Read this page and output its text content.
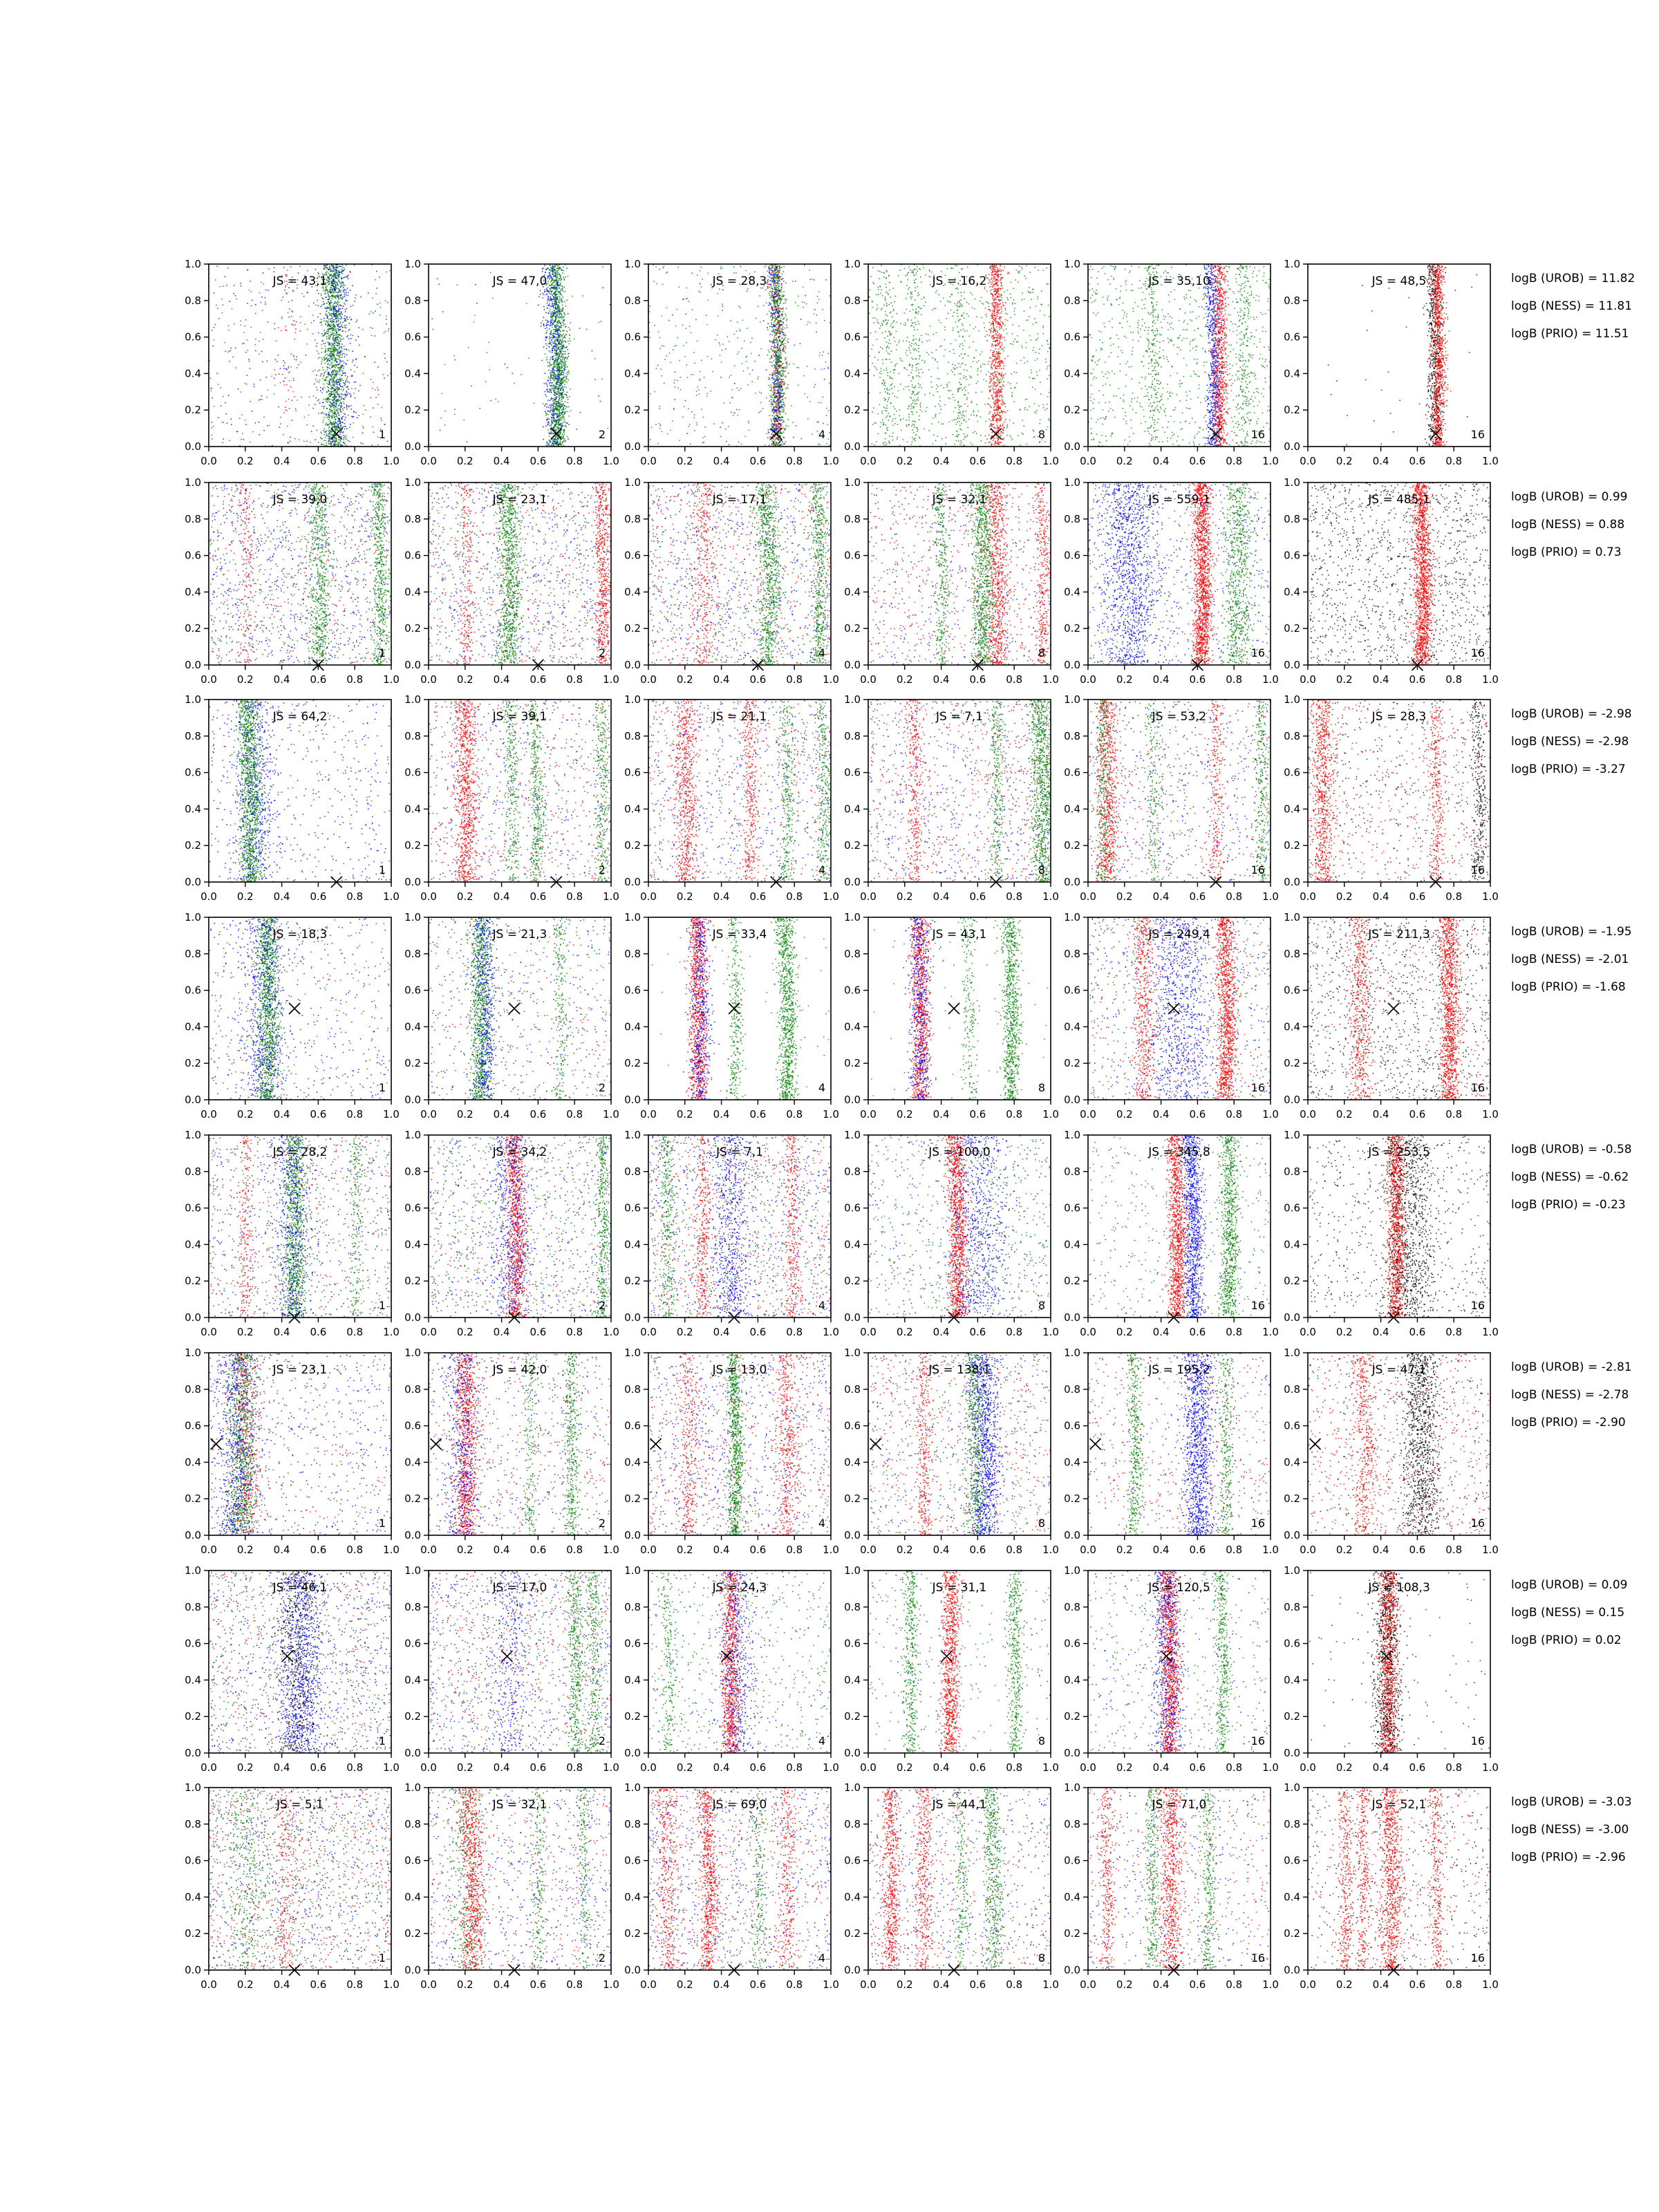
0.0
0.0
0.2
0.2
0.4
0.4
0.6
0.6
0.8
0.8
1.0
1.0
JS = 43,1
1
0.0
0.0
0.2
0.2
0.4
0.4
0.6
0.6
0.8
0.8
1.0
1.0
JS = 47,0
2
0.0
0.0
0.2
0.2
0.4
0.4
0.6
0.6
0.8
0.8
1.0
1.0
JS = 28,3
4
0.0
0.0
0.2
0.2
0.4
0.4
0.6
0.6
0.8
0.8
1.0
1.0
JS = 16,2
8
0.0
0.0
0.2
0.2
0.4
0.4
0.6
0.6
0.8
0.8
1.0
1.0
JS = 35,10
16
0.0
0.0
0.2
0.2
0.4
0.4
0.6
0.6
0.8
0.8
1.0
1.0
JS = 48,5
16
logB (UROB) = 11.82
logB (NESS) = 11.81
logB (PRIO) = 11.51
0.0
0.0
0.2
0.2
0.4
0.4
0.6
0.6
0.8
0.8
1.0
1.0
JS = 39,0
1
0.0
0.0
0.2
0.2
0.4
0.4
0.6
0.6
0.8
0.8
1.0
1.0
JS = 23,1
2
0.0
0.0
0.2
0.2
0.4
0.4
0.6
0.6
0.8
0.8
1.0
1.0
JS = 17,1
4
0.0
0.0
0.2
0.2
0.4
0.4
0.6
0.6
0.8
0.8
1.0
1.0
JS = 32,1
8
0.0
0.0
0.2
0.2
0.4
0.4
0.6
0.6
0.8
0.8
1.0
1.0
JS = 559,1
16
0.0
0.0
0.2
0.2
0.4
0.4
0.6
0.6
0.8
0.8
1.0
1.0
JS = 485,1
16
logB (UROB) = 0.99
logB (NESS) = 0.88
logB (PRIO) = 0.73
0.0
0.0
0.2
0.2
0.4
0.4
0.6
0.6
0.8
0.8
1.0
1.0
JS = 64,2
1
0.0
0.0
0.2
0.2
0.4
0.4
0.6
0.6
0.8
0.8
1.0
1.0
JS = 39,1
2
0.0
0.0
0.2
0.2
0.4
0.4
0.6
0.6
0.8
0.8
1.0
1.0
JS = 21,1
4
0.0
0.0
0.2
0.2
0.4
0.4
0.6
0.6
0.8
0.8
1.0
1.0
JS = 7,1
8
0.0
0.0
0.2
0.2
0.4
0.4
0.6
0.6
0.8
0.8
1.0
1.0
JS = 53,2
16
0.0
0.0
0.2
0.2
0.4
0.4
0.6
0.6
0.8
0.8
1.0
1.0
JS = 28,3
16
logB (UROB) = -2.98
logB (NESS) = -2.98
logB (PRIO) = -3.27
0.0
0.0
0.2
0.2
0.4
0.4
0.6
0.6
0.8
0.8
1.0
1.0
JS = 18,3
1
0.0
0.0
0.2
0.2
0.4
0.4
0.6
0.6
0.8
0.8
1.0
1.0
JS = 21,3
2
0.0
0.0
0.2
0.2
0.4
0.4
0.6
0.6
0.8
0.8
1.0
1.0
JS = 33,4
4
0.0
0.0
0.2
0.2
0.4
0.4
0.6
0.6
0.8
0.8
1.0
1.0
JS = 43,1
8
0.0
0.0
0.2
0.2
0.4
0.4
0.6
0.6
0.8
0.8
1.0
1.0
JS = 249,4
16
0.0
0.0
0.2
0.2
0.4
0.4
0.6
0.6
0.8
0.8
1.0
1.0
JS = 211,3
16
logB (UROB) = -1.95
logB (NESS) = -2.01
logB (PRIO) = -1.68
0.0
0.0
0.2
0.2
0.4
0.4
0.6
0.6
0.8
0.8
1.0
1.0
JS = 28,2
1
0.0
0.0
0.2
0.2
0.4
0.4
0.6
0.6
0.8
0.8
1.0
1.0
JS = 34,2
2
0.0
0.0
0.2
0.2
0.4
0.4
0.6
0.6
0.8
0.8
1.0
1.0
JS = 7,1
4
0.0
0.0
0.2
0.2
0.4
0.4
0.6
0.6
0.8
0.8
1.0
1.0
JS = 100,0
8
0.0
0.0
0.2
0.2
0.4
0.4
0.6
0.6
0.8
0.8
1.0
1.0
JS = 345,8
16
0.0
0.0
0.2
0.2
0.4
0.4
0.6
0.6
0.8
0.8
1.0
1.0
JS = 253,5
16
logB (UROB) = -0.58
logB (NESS) = -0.62
logB (PRIO) = -0.23
0.0
0.0
0.2
0.2
0.4
0.4
0.6
0.6
0.8
0.8
1.0
1.0
JS = 23,1
1
0.0
0.0
0.2
0.2
0.4
0.4
0.6
0.6
0.8
0.8
1.0
1.0
JS = 42,0
2
0.0
0.0
0.2
0.2
0.4
0.4
0.6
0.6
0.8
0.8
1.0
1.0
JS = 13,0
4
0.0
0.0
0.2
0.2
0.4
0.4
0.6
0.6
0.8
0.8
1.0
1.0
JS = 138,1
8
0.0
0.0
0.2
0.2
0.4
0.4
0.6
0.6
0.8
0.8
1.0
1.0
JS = 195,2
16
0.0
0.0
0.2
0.2
0.4
0.4
0.6
0.6
0.8
0.8
1.0
1.0
JS = 47,1
16
logB (UROB) = -2.81
logB (NESS) = -2.78
logB (PRIO) = -2.90
0.0
0.0
0.2
0.2
0.4
0.4
0.6
0.6
0.8
0.8
1.0
1.0
JS = 46,1
1
0.0
0.0
0.2
0.2
0.4
0.4
0.6
0.6
0.8
0.8
1.0
1.0
JS = 17,0
2
0.0
0.0
0.2
0.2
0.4
0.4
0.6
0.6
0.8
0.8
1.0
1.0
JS = 24,3
4
0.0
0.0
0.2
0.2
0.4
0.4
0.6
0.6
0.8
0.8
1.0
1.0
JS = 31,1
8
0.0
0.0
0.2
0.2
0.4
0.4
0.6
0.6
0.8
0.8
1.0
1.0
JS = 120,5
16
0.0
0.0
0.2
0.2
0.4
0.4
0.6
0.6
0.8
0.8
1.0
1.0
JS = 108,3
16
logB (UROB) = 0.09
logB (NESS) = 0.15
logB (PRIO) = 0.02
0.0
0.0
0.2
0.2
0.4
0.4
0.6
0.6
0.8
0.8
1.0
1.0
JS = 5,1
1
0.0
0.0
0.2
0.2
0.4
0.4
0.6
0.6
0.8
0.8
1.0
1.0
JS = 32,1
2
0.0
0.0
0.2
0.2
0.4
0.4
0.6
0.6
0.8
0.8
1.0
1.0
JS = 69,0
4
0.0
0.0
0.2
0.2
0.4
0.4
0.6
0.6
0.8
0.8
1.0
1.0
JS = 44,1
8
0.0
0.0
0.2
0.2
0.4
0.4
0.6
0.6
0.8
0.8
1.0
1.0
JS = 71,0
16
0.0
0.0
0.2
0.2
0.4
0.4
0.6
0.6
0.8
0.8
1.0
1.0
JS = 52,1
16
logB (UROB) = -3.03
logB (NESS) = -3.00
logB (PRIO) = -2.96
